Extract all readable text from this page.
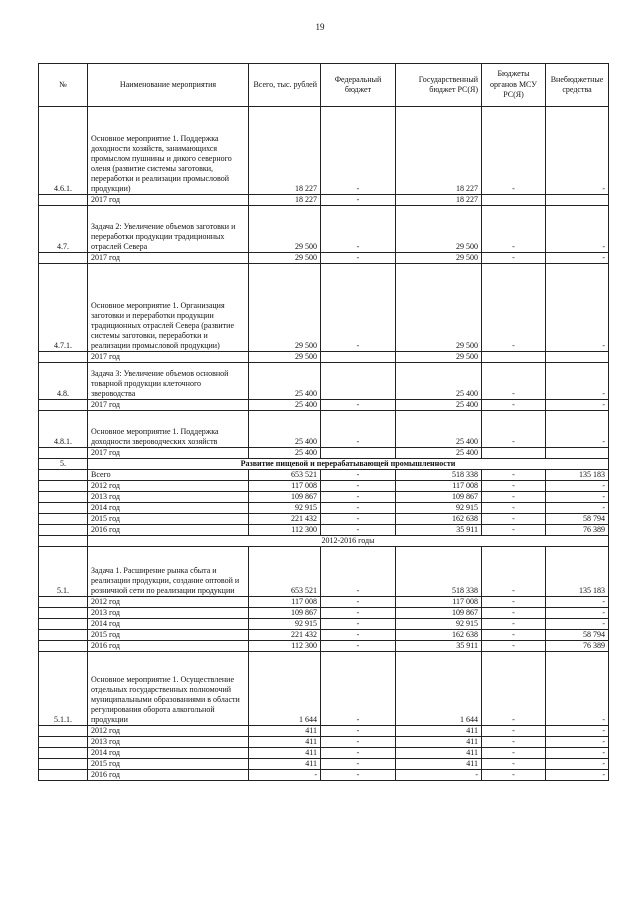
19
№	Наименование мероприятия	Всего, тыс. рублей	Федеральный бюджет	Государственный бюджет РС(Я)	Бюджеты органов МСУ РС(Я)	Внебюджетные средства
4.6.1.	Основное мероприятие 1. Поддержка доходности хозяйств, занимающихся промыслом пушнины и дикого северного оленя (развитие системы заготовки, переработки и реализации промысловой продукции)	18 227	-	18 227	-	-
	2017 год	18 227	-	18 227		
4.7.	Задача 2: Увеличение объемов заготовки и переработки продукции традиционных отраслей Севера	29 500	-	29 500	-	-
	2017 год	29 500	-	29 500	-	-
4.7.1.	Основное мероприятие 1. Организация заготовки и переработки продукции традиционных отраслей Севера (развитие системы заготовки, переработки и реализации промысловой продукции)	29 500	-	29 500	-	-
	2017 год	29 500		29 500		
4.8.	Задача 3: Увеличение объемов основной товарной продукции клеточного звероводства	25 400		25 400	-	-
	2017 год	25 400	-	25 400	-	-
4.8.1.	Основное мероприятие 1. Поддержка доходности звероводческих хозяйств	25 400	-	25 400	-	-
	2017 год	25 400		25 400		
5.	Развитие пищевой и перерабатывающей промышленности					
	Всего	653 521	-	518 338	-	135 183
	2012 год	117 008	-	117 008	-	-
	2013 год	109 867	-	109 867	-	-
	2014 год	92 915	-	92 915	-	-
	2015 год	221 432	-	162 638	-	58 794
	2016 год	112 300	-	35 911	-	76 389
	2012-2016 годы					
5.1.	Задача 1. Расширение рынка сбыта и реализации продукции, создание оптовой и розничной сети по реализации продукции	653 521	-	518 338	-	135 183
	2012 год	117 008	-	117 008	-	-
	2013 год	109 867	-	109 867	-	-
	2014 год	92 915	-	92 915	-	-
	2015 год	221 432	-	162 638	-	58 794
	2016 год	112 300	-	35 911	-	76 389
5.1.1.	Основное мероприятие 1. Осуществление отдельных государственных полномочий муниципальными образованиями в области регулирования оборота алкогольной продукции	1 644	-	1 644	-	-
	2012 год	411	-	411	-	-
	2013 год	411	-	411	-	-
	2014 год	411	-	411	-	-
	2015 год	411	-	411	-	-
	2016 год	-	-	-	-	-
